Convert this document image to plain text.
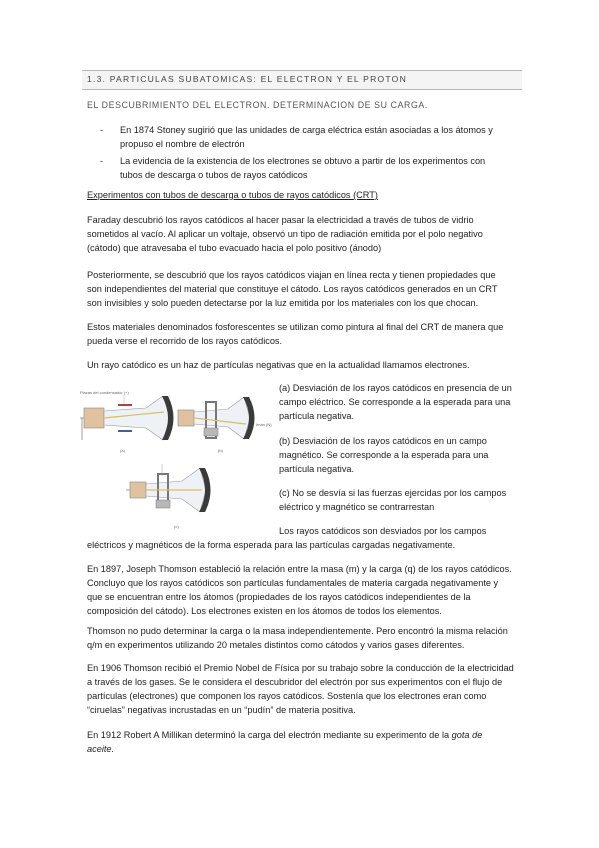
1.3. PARTICULAS SUBATOMICAS: EL ELECTRON Y EL PROTON
EL DESCUBRIMIENTO DEL ELECTRON. DETERMINACION DE SU CARGA.
- En 1874 Stoney sugirió que las unidades de carga eléctrica están asociadas a los átomos y propuso el nombre de electrón
- La evidencia de la existencia de los electrones se obtuvo a partir de los experimentos con tubos de descarga o tubos de rayos catódicos
Experimentos con tubos de descarga o tubos de rayos catódicos (CRT)
Faraday descubrió los rayos catódicos al hacer pasar la electricidad a través de tubos de vidrio sometidos al vacío. Al aplicar un voltaje, observó un tipo de radiación emitida por el polo negativo (cátodo) que atravesaba el tubo evacuado hacia el polo positivo (ánodo)
Posteriormente, se descubrió que los rayos catódicos viajan en línea recta y tienen propiedades que son independientes del material que constituye el cátodo. Los rayos catódicos generados en un CRT son invisibles y solo pueden detectarse por la luz emitida por los materiales con los que chocan.
Estos materiales denominados fosforescentes se utilizan como pintura al final del CRT de manera que pueda verse el recorrido de los rayos catódicos.
Un rayo catódico es un haz de partículas negativas que en la actualidad llamamos electrones.
Placas del condensador (+)
(a)
Imán (N)
(b)
(c)
(a) Desviación de los rayos catódicos en presencia de un campo eléctrico. Se corresponde a la esperada para una partícula negativa.
(b) Desviación de los rayos catódicos en un campo magnético. Se corresponde a la esperada para una partícula negativa.
(c) No se desvía si las fuerzas ejercidas por los campos eléctrico y magnético se contrarrestan
Los rayos catódicos son desviados por los campos
eléctricos y magnéticos de la forma esperada para las partículas cargadas negativamente.
En 1897, Joseph Thomson estableció la relación entre la masa (m) y la carga (q) de los rayos catódicos. Concluyo que los rayos catódicos son partículas fundamentales de materia cargada negativamente y que se encuentran entre los átomos (propiedades de los rayos catódicos independientes de la composición del cátodo). Los electrones existen en los átomos de todos los elementos.
Thomson no pudo determinar la carga o la masa independientemente. Pero encontró la misma relación q/m en experimentos utilizando 20 metales distintos como cátodos y varios gases diferentes.
En 1906 Thomson recibió el Premio Nobel de Física por su trabajo sobre la conducción de la electricidad a través de los gases. Se le considera el descubridor del electrón por sus experimentos con el flujo de partículas (electrones) que componen los rayos catódicos. Sostenía que los electrones eran como “ciruelas” negativas incrustadas en un “pudín” de materia positiva.
En 1912 Robert A Millikan determinó la carga del electrón mediante su experimento de la gota de aceite.
